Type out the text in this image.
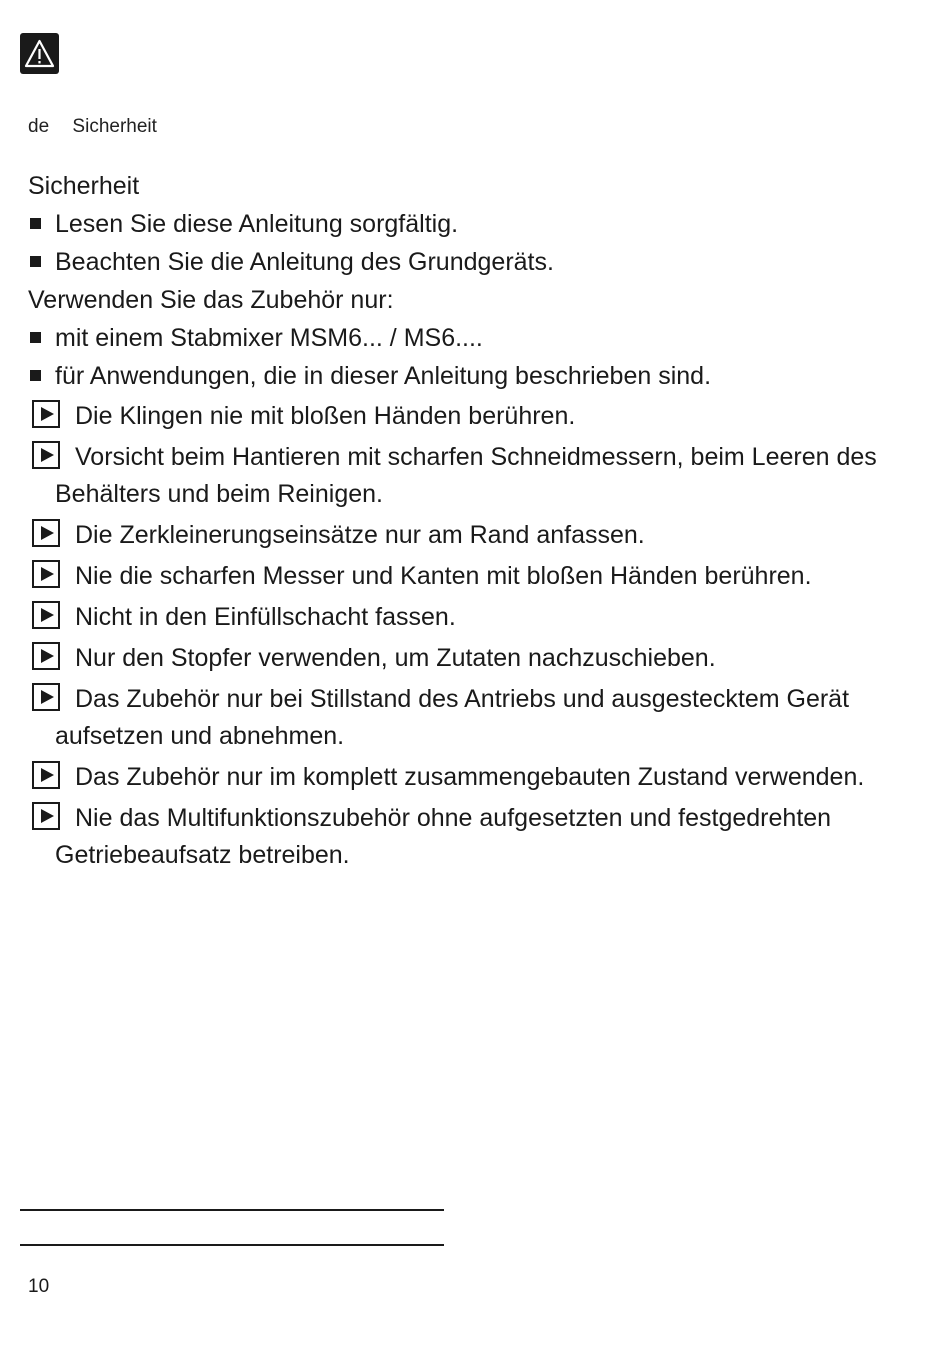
de Sicherheit
Sicherheit
Lesen Sie diese Anleitung sorgfältig.
Beachten Sie die Anleitung des Grundgeräts.
Verwenden Sie das Zubehör nur:
mit einem Stabmixer MSM6... / MS6....
für Anwendungen, die in dieser Anleitung beschrieben sind.
Die Klingen nie mit bloßen Händen berühren.
Vorsicht beim Hantieren mit scharfen Schneidmessern, beim Leeren des Behälters und beim Reinigen.
Die Zerkleinerungseinsätze nur am Rand anfassen.
Nie die scharfen Messer und Kanten mit bloßen Händen berühren.
Nicht in den Einfüllschacht fassen.
Nur den Stopfer verwenden, um Zutaten nachzuschieben.
Das Zubehör nur bei Stillstand des Antriebs und ausgestecktem Gerät aufsetzen und abnehmen.
Das Zubehör nur im komplett zusammengebauten Zustand verwenden.
Nie das Multifunktionszubehör ohne aufgesetzten und festgedrehten Getriebeaufsatz betreiben.
10
